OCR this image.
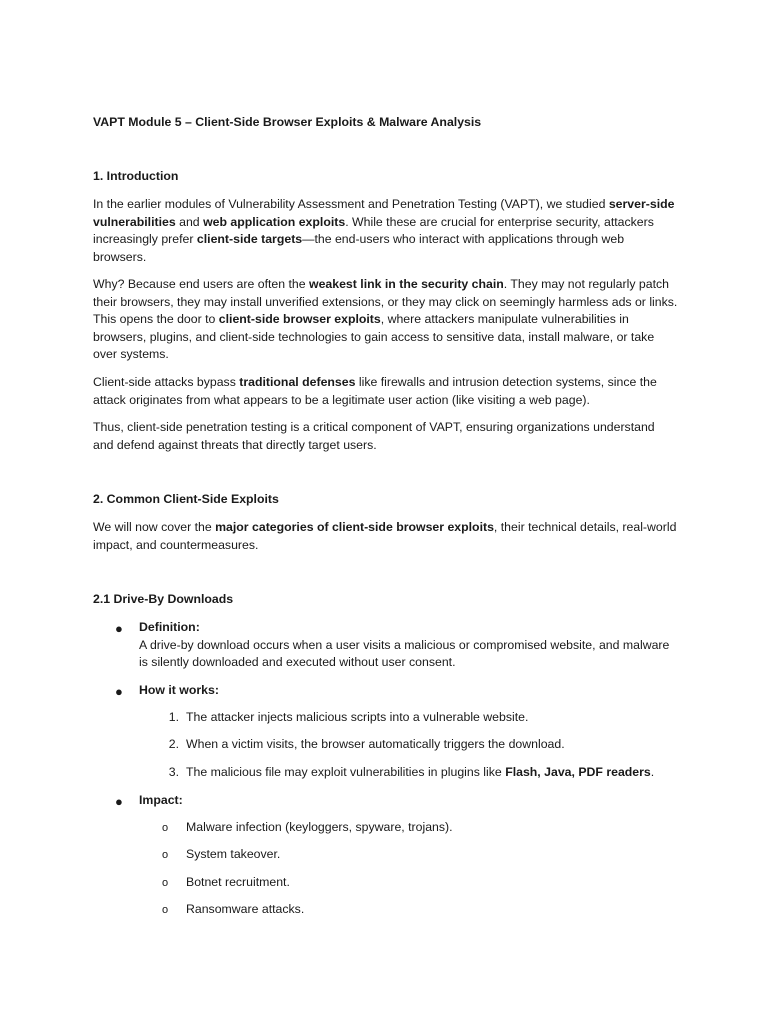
VAPT Module 5 – Client-Side Browser Exploits & Malware Analysis

1. Introduction

In the earlier modules of Vulnerability Assessment and Penetration Testing (VAPT), we studied server-side vulnerabilities and web application exploits. While these are crucial for enterprise security, attackers increasingly prefer client-side targets—the end-users who interact with applications through web browsers.

Why? Because end users are often the weakest link in the security chain. They may not regularly patch their browsers, they may install unverified extensions, or they may click on seemingly harmless ads or links. This opens the door to client-side browser exploits, where attackers manipulate vulnerabilities in browsers, plugins, and client-side technologies to gain access to sensitive data, install malware, or take over systems.

Client-side attacks bypass traditional defenses like firewalls and intrusion detection systems, since the attack originates from what appears to be a legitimate user action (like visiting a web page).

Thus, client-side penetration testing is a critical component of VAPT, ensuring organizations understand and defend against threats that directly target users.

2. Common Client-Side Exploits

We will now cover the major categories of client-side browser exploits, their technical details, real-world impact, and countermeasures.

2.1 Drive-By Downloads

● Definition:
A drive-by download occurs when a user visits a malicious or compromised website, and malware is silently downloaded and executed without user consent.
● How it works:
1. The attacker injects malicious scripts into a vulnerable website.
2. When a victim visits, the browser automatically triggers the download.
3. The malicious file may exploit vulnerabilities in plugins like Flash, Java, PDF readers.
● Impact:
o Malware infection (keyloggers, spyware, trojans).
o System takeover.
o Botnet recruitment.
o Ransomware attacks.
